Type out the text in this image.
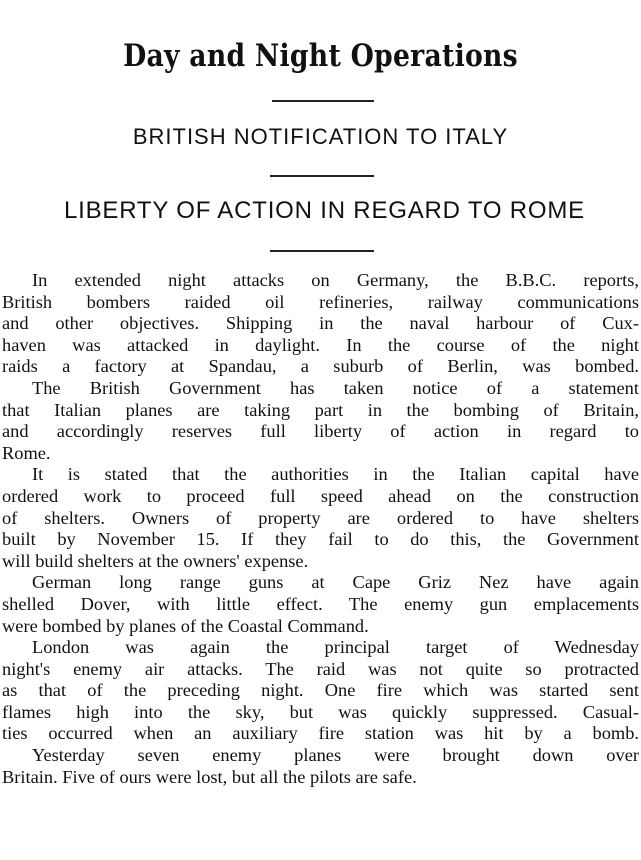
Day and Night Operations
BRITISH NOTIFICATION TO ITALY
LIBERTY OF ACTION IN REGARD TO ROME
In extended night attacks on Germany, the B.B.C. reports,
British bombers raided oil refineries, railway communications
and other objectives. Shipping in the naval harbour of Cux-
haven was attacked in daylight. In the course of the night
raids a factory at Spandau, a suburb of Berlin, was bombed.
The British Government has taken notice of a statement
that Italian planes are taking part in the bombing of Britain,
and accordingly reserves full liberty of action in regard to
Rome.
It is stated that the authorities in the Italian capital have
ordered work to proceed full speed ahead on the construction
of shelters. Owners of property are ordered to have shelters
built by November 15. If they fail to do this, the Government
will build shelters at the owners' expense.
German long range guns at Cape Griz Nez have again
shelled Dover, with little effect. The enemy gun emplacements
were bombed by planes of the Coastal Command.
London was again the principal target of Wednesday
night's enemy air attacks. The raid was not quite so protracted
as that of the preceding night. One fire which was started sent
flames high into the sky, but was quickly suppressed. Casual-
ties occurred when an auxiliary fire station was hit by a bomb.
Yesterday seven enemy planes were brought down over
Britain. Five of ours were lost, but all the pilots are safe.
